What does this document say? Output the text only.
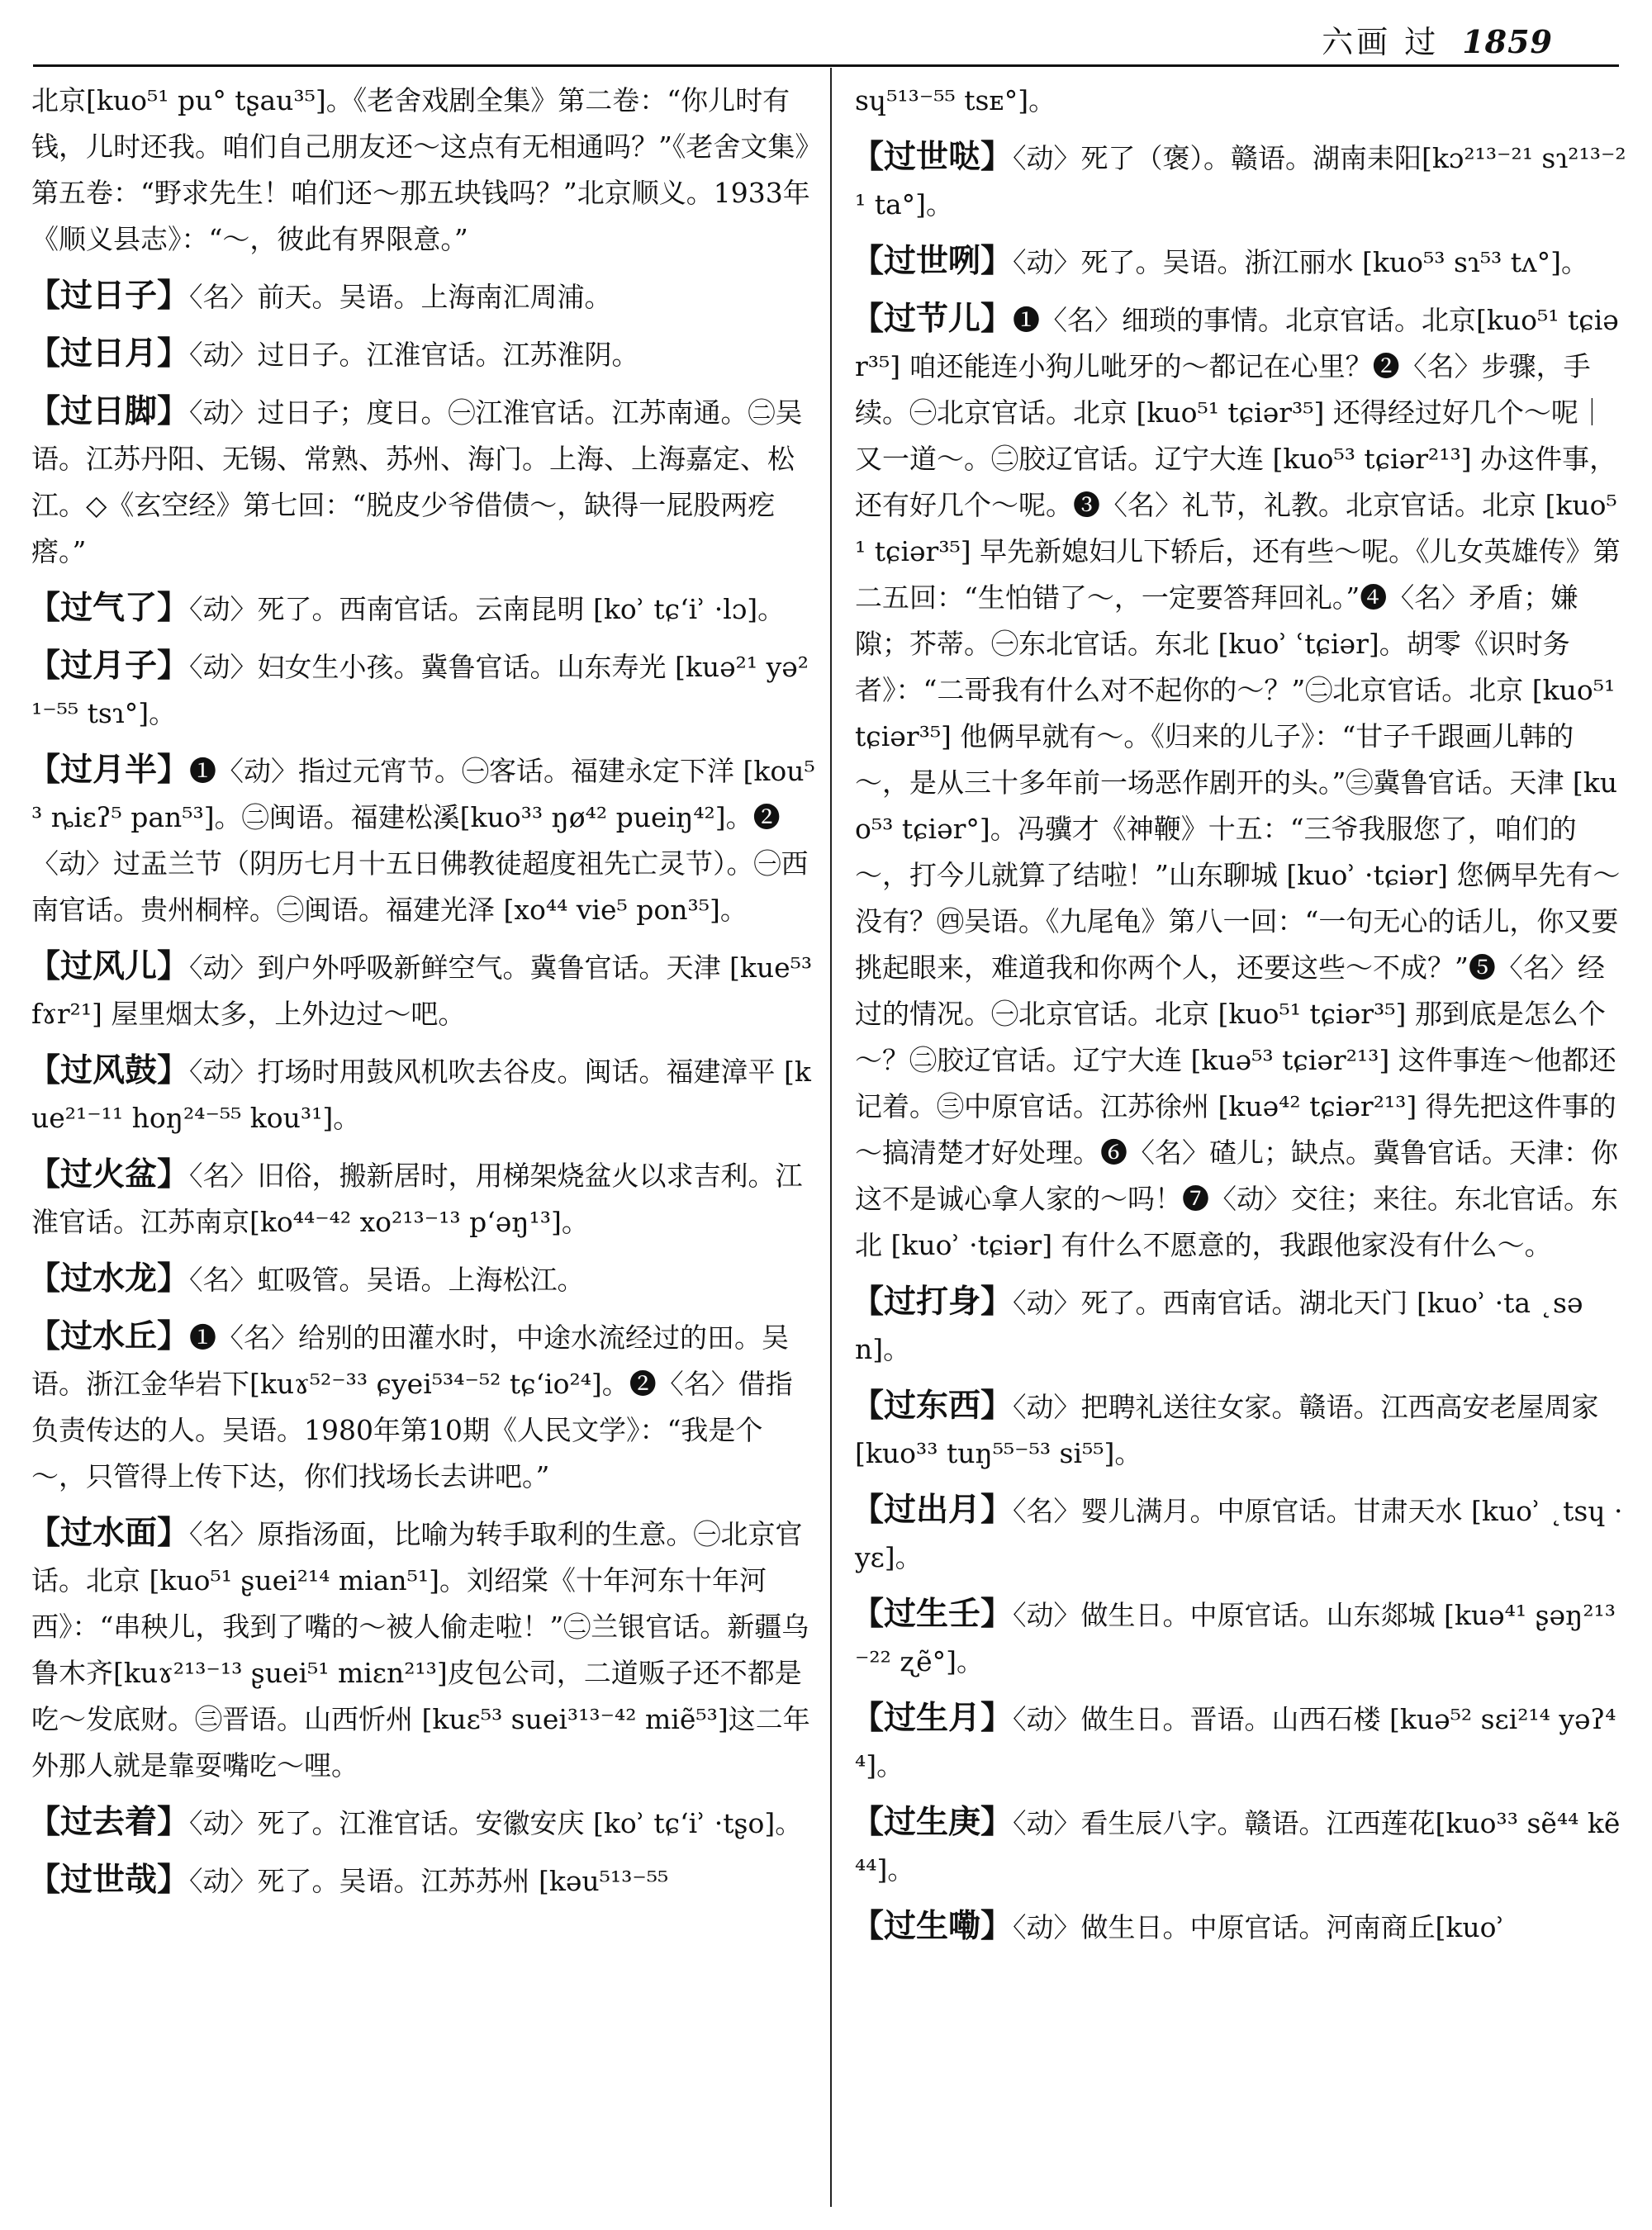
六画 过 1859
北京[kuo⁵¹ pu° tʂau³⁵]。《老舍戏剧全集》第二卷：“你儿时有钱，儿时还我。咱们自己朋友还～这点有无相通吗？”《老舍文集》第五卷：“野求先生！咱们还～那五块钱吗？”北京顺义。1933年《顺义县志》：“～，彼此有界限意。”
【过日子】〈名〉前天。吴语。上海南汇周浦。
【过日月】〈动〉过日子。江淮官话。江苏淮阴。
【过日脚】〈动〉过日子；度日。㊀江淮官话。江苏南通。㊁吴语。江苏丹阳、无锡、常熟、苏州、海门。上海、上海嘉定、松江。◇《玄空经》第七回：“脱皮少爷借债～，缺得一屁股两疙瘩。”
【过气了】〈动〉死了。西南官话。云南昆明 [koʾ tɕʻiʾ ·lɔ]。
【过月子】〈动〉妇女生小孩。冀鲁官话。山东寿光 [kuə²¹ yə²¹⁻⁵⁵ tsɿ°]。
【过月半】❶〈动〉指过元宵节。㊀客话。福建永定下洋 [kou⁵³ ȵiɛʔ⁵ pan⁵³]。㊁闽语。福建松溪[kuo³³ ŋø⁴² pueiŋ⁴²]。❷〈动〉过盂兰节（阴历七月十五日佛教徒超度祖先亡灵节）。㊀西南官话。贵州桐梓。㊁闽语。福建光泽 [xo⁴⁴ vie⁵ pon³⁵]。
【过风儿】〈动〉到户外呼吸新鲜空气。冀鲁官话。天津 [kue⁵³ fɤr²¹] 屋里烟太多，上外边过～吧。
【过风鼓】〈动〉打场时用鼓风机吹去谷皮。闽话。福建漳平 [kue²¹⁻¹¹ hoŋ²⁴⁻⁵⁵ kou³¹]。
【过火盆】〈名〉旧俗，搬新居时，用梯架烧盆火以求吉利。江淮官话。江苏南京[ko⁴⁴⁻⁴² xo²¹³⁻¹³ pʻəŋ¹³]。
【过水龙】〈名〉虹吸管。吴语。上海松江。
【过水丘】❶〈名〉给别的田灌水时，中途水流经过的田。吴语。浙江金华岩下[kuɤ⁵²⁻³³ ɕyei⁵³⁴⁻⁵² tɕʻio²⁴]。❷〈名〉借指负责传达的人。吴语。1980年第10期《人民文学》：“我是个～，只管得上传下达，你们找场长去讲吧。”
【过水面】〈名〉原指汤面，比喻为转手取利的生意。㊀北京官话。北京 [kuo⁵¹ ʂuei²¹⁴ mian⁵¹]。刘绍棠《十年河东十年河西》：“串秧儿，我到了嘴的～被人偷走啦！”㊁兰银官话。新疆乌鲁木齐[kuɤ²¹³⁻¹³ ʂuei⁵¹ miɛn²¹³]皮包公司，二道贩子还不都是吃～发底财。㊂晋语。山西忻州 [kuɛ⁵³ suei³¹³⁻⁴² miẽ⁵³]这二年外那人就是靠耍嘴吃～哩。
【过去着】〈动〉死了。江淮官话。安徽安庆 [koʾ tɕʻiʾ ·tʂo]。
【过世哉】〈动〉死了。吴语。江苏苏州 [kəu⁵¹³⁻⁵⁵
sɥ⁵¹³⁻⁵⁵ tsᴇ°]。
【过世哒】〈动〉死了（褒）。赣语。湖南耒阳[kɔ²¹³⁻²¹ sɿ²¹³⁻²¹ ta°]。
【过世咧】〈动〉死了。吴语。浙江丽水 [kuo⁵³ sɿ⁵³ tʌ°]。
【过节儿】❶〈名〉细琐的事情。北京官话。北京[kuo⁵¹ tɕiər³⁵] 咱还能连小狗儿呲牙的～都记在心里？❷〈名〉步骤，手续。㊀北京官话。北京 [kuo⁵¹ tɕiər³⁵] 还得经过好几个～呢｜又一道～。㊁胶辽官话。辽宁大连 [kuo⁵³ tɕiər²¹³] 办这件事，还有好几个～呢。❸〈名〉礼节，礼教。北京官话。北京 [kuo⁵¹ tɕiər³⁵] 早先新媳妇儿下轿后，还有些～呢。《儿女英雄传》第二五回：“生怕错了～，一定要答拜回礼。”❹〈名〉矛盾；嫌隙；芥蒂。㊀东北官话。东北 [kuoʾ ʿtɕiər]。胡零《识时务者》：“二哥我有什么对不起你的～？”㊁北京官话。北京 [kuo⁵¹ tɕiər³⁵] 他俩早就有～。《归来的儿子》：“甘子千跟画儿韩的～，是从三十多年前一场恶作剧开的头。”㊂冀鲁官话。天津 [kuo⁵³ tɕiər°]。冯骥才《神鞭》十五：“三爷我服您了，咱们的～，打今儿就算了结啦！”山东聊城 [kuoʾ ·tɕiər] 您俩早先有～没有？㊃吴语。《九尾龟》第八一回：“一句无心的话儿，你又要挑起眼来，难道我和你两个人，还要这些～不成？”❺〈名〉经过的情况。㊀北京官话。北京 [kuo⁵¹ tɕiər³⁵] 那到底是怎么个～？㊁胶辽官话。辽宁大连 [kuə⁵³ tɕiər²¹³] 这件事连～他都还记着。㊂中原官话。江苏徐州 [kuə⁴² tɕiər²¹³] 得先把这件事的～搞清楚才好处理。❻〈名〉碴儿；缺点。冀鲁官话。天津：你这不是诚心拿人家的～吗！❼〈动〉交往；来往。东北官话。东北 [kuoʾ ·tɕiər] 有什么不愿意的，我跟他家没有什么～。
【过打身】〈动〉死了。西南官话。湖北天门 [kuoʾ ·ta ˛sən]。
【过东西】〈动〉把聘礼送往女家。赣语。江西高安老屋周家 [kuo³³ tuŋ⁵⁵⁻⁵³ si⁵⁵]。
【过出月】〈名〉婴儿满月。中原官话。甘肃天水 [kuoʾ ˛tsɥ ·yɛ]。
【过生壬】〈动〉做生日。中原官话。山东郯城 [kuə⁴¹ ʂəŋ²¹³⁻²² ʐẽ°]。
【过生月】〈动〉做生日。晋语。山西石楼 [kuə⁵² sɛi²¹⁴ yəʔ⁴⁴]。
【过生庚】〈动〉看生辰八字。赣语。江西莲花[kuo³³ sẽ⁴⁴ kẽ⁴⁴]。
【过生嘞】〈动〉做生日。中原官话。河南商丘[kuoʾ
